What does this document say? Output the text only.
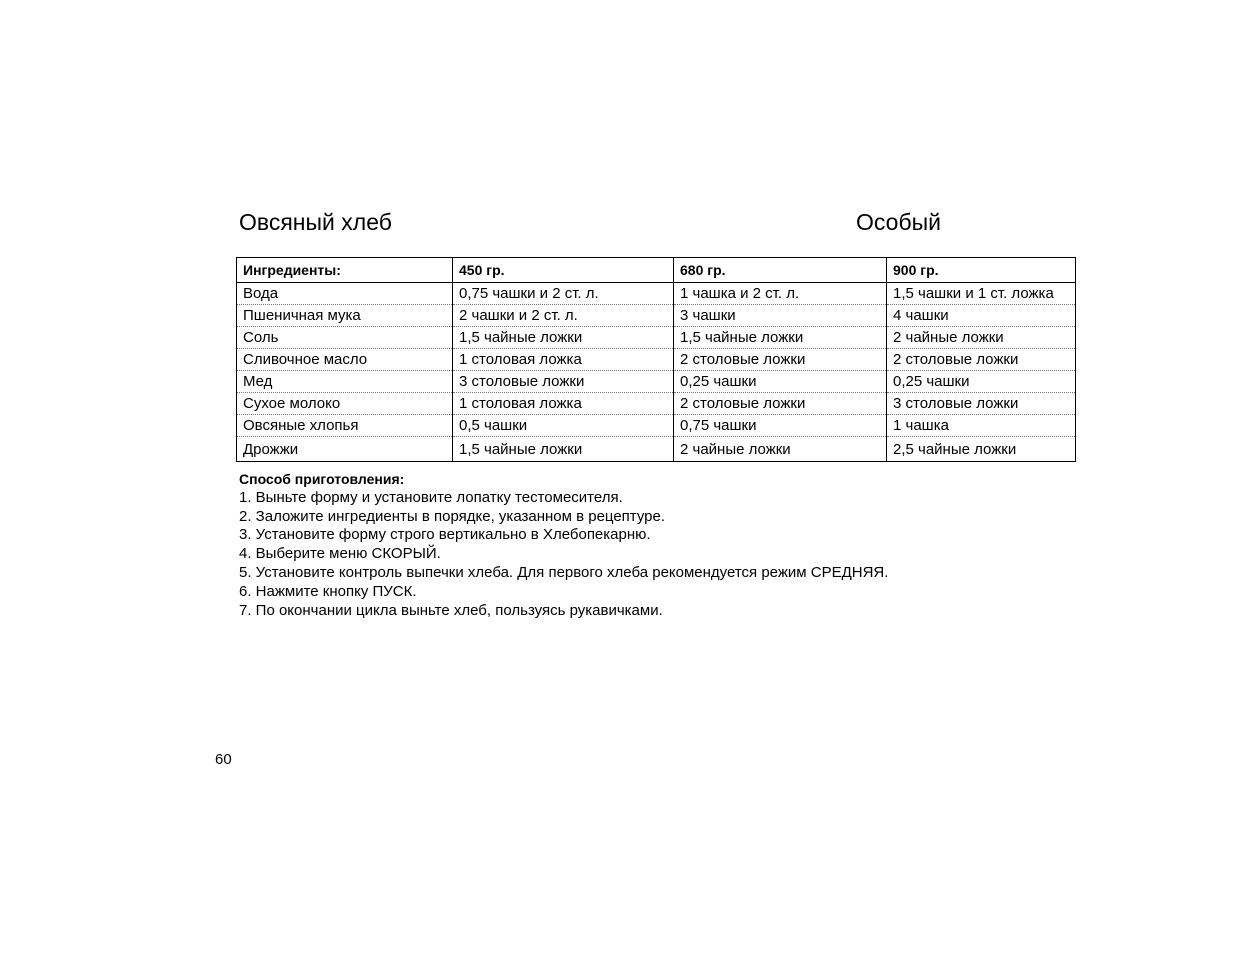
Овсяный хлеб	Особый
Ингредиенты:	450 гр.	680 гр.	900 гр.
Вода	0,75 чашки и 2 ст. л.	1 чашка и 2 ст. л.	1,5 чашки и 1 ст. ложка
Пшеничная мука	2 чашки и 2 ст. л.	3 чашки	4 чашки
Соль	1,5 чайные ложки	1,5 чайные ложки	2 чайные ложки
Сливочное масло	1 столовая ложка	2 столовые ложки	2 столовые ложки
Мед	3 столовые ложки	0,25 чашки	0,25 чашки
Сухое молоко	1 столовая ложка	2 столовые ложки	3 столовые ложки
Овсяные хлопья	0,5 чашки	0,75 чашки	1 чашка
Дрожжи	1,5 чайные ложки	2 чайные ложки	2,5 чайные ложки
Способ приготовления:
1. Выньте форму и установите лопатку тестомесителя.
2. Заложите ингредиенты в порядке, указанном в рецептуре.
3. Установите форму строго вертикально в Хлебопекарню.
4. Выберите меню СКОРЫЙ.
5. Установите контроль выпечки хлеба. Для первого хлеба рекомендуется режим СРЕДНЯЯ.
6. Нажмите кнопку ПУСК.
7. По окончании цикла выньте хлеб, пользуясь рукавичками.
60
